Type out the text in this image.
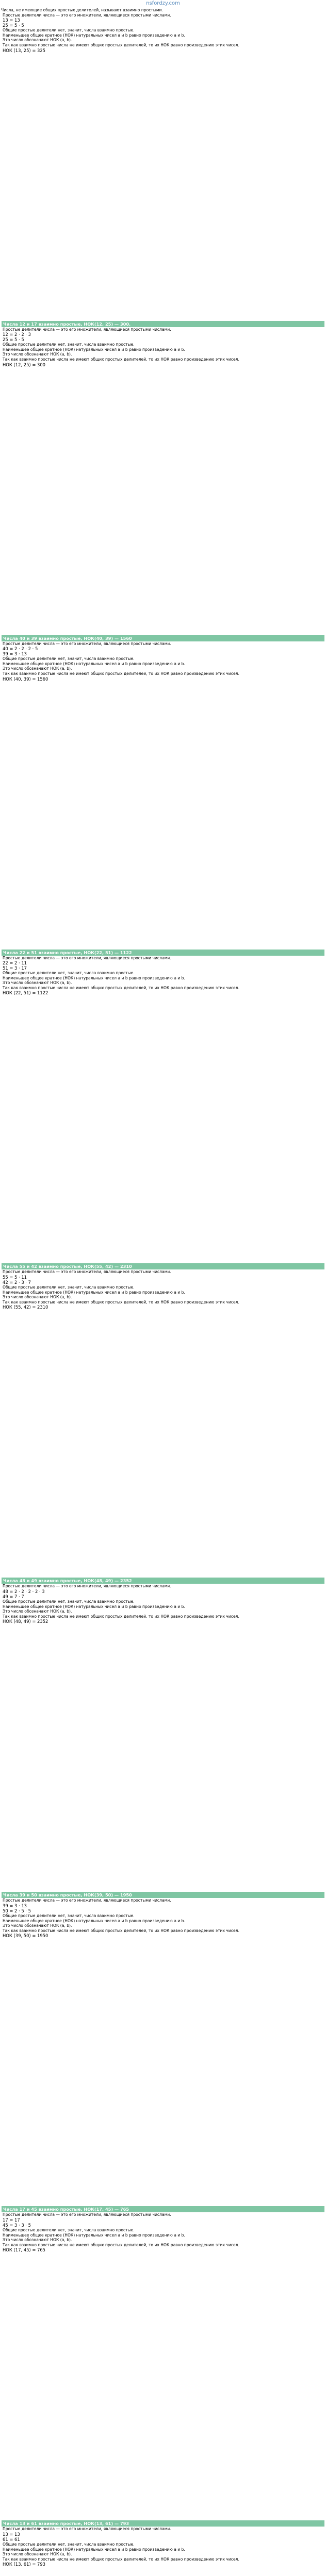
nsfordzy.com
Числа, не имеющие общих простых делителей, называют взаимно простыми.
Простые делители числа — это его множители, являющиеся простыми числами.
13 = 13
25 = 5 · 5
Общие простые делители нет, значит, числа взаимно простые.
Наименьшее общее кратное (НОК) натуральных чисел a и b равно произведению a и b.
Это число обозначают НОК (a, b).
Так как взаимно простые числа не имеют общих простых делителей, то их НОК равно произведению этих чисел.
НОК (13, 25) = 325
Числа 12 и 17 взаимно простые, НОК(12, 25) — 300.
Простые делители числа — это его множители, являющиеся простыми числами.
12 = 2 · 2 · 3
25 = 5 · 5
Общие простые делители нет, значит, числа взаимно простые.
Наименьшее общее кратное (НОК) натуральных чисел a и b равно произведению a и b.
Это число обозначают НОК (a, b).
Так как взаимно простые числа не имеют общих простых делителей, то их НОК равно произведению этих чисел.
НОК (12, 25) = 300
Числа 40 и 39 взаимно простые, НОК(40, 39) — 1560
Простые делители числа — это его множители, являющиеся простыми числами.
40 = 2 · 2 · 2 · 5
39 = 3 · 13
Общие простые делители нет, значит, числа взаимно простые.
Наименьшее общее кратное (НОК) натуральных чисел a и b равно произведению a и b.
Это число обозначают НОК (a, b).
Так как взаимно простые числа не имеют общих простых делителей, то их НОК равно произведению этих чисел.
НОК (40, 39) = 1560
Числа 22 и 51 взаимно простые, НОК(22, 51) — 1122
Простые делители числа — это его множители, являющиеся простыми числами.
22 = 2 · 11
51 = 3 · 17
Общие простые делители нет, значит, числа взаимно простые.
Наименьшее общее кратное (НОК) натуральных чисел a и b равно произведению a и b.
Это число обозначают НОК (a, b).
Так как взаимно простые числа не имеют общих простых делителей, то их НОК равно произведению этих чисел.
НОК (22, 51) = 1122
Числа 55 и 42 взаимно простые, НОК(55, 42) — 2310
Простые делители числа — это его множители, являющиеся простыми числами.
55 = 5 · 11
42 = 2 · 3 · 7
Общие простые делители нет, значит, числа взаимно простые.
Наименьшее общее кратное (НОК) натуральных чисел a и b равно произведению a и b.
Это число обозначают НОК (a, b).
Так как взаимно простые числа не имеют общих простых делителей, то их НОК равно произведению этих чисел.
НОК (55, 42) = 2310
Числа 48 и 49 взаимно простые, НОК(48, 49) — 2352
Простые делители числа — это его множители, являющиеся простыми числами.
48 = 2 · 2 · 2 · 2 · 3
49 = 7 · 7
Общие простые делители нет, значит, числа взаимно простые.
Наименьшее общее кратное (НОК) натуральных чисел a и b равно произведению a и b.
Это число обозначают НОК (a, b).
Так как взаимно простые числа не имеют общих простых делителей, то их НОК равно произведению этих чисел.
НОК (48, 49) = 2352
Числа 39 и 50 взаимно простые, НОК(39, 50) — 1950
Простые делители числа — это его множители, являющиеся простыми числами.
39 = 3 · 13
50 = 2 · 5 · 5
Общие простые делители нет, значит, числа взаимно простые.
Наименьшее общее кратное (НОК) натуральных чисел a и b равно произведению a и b.
Это число обозначают НОК (a, b).
Так как взаимно простые числа не имеют общих простых делителей, то их НОК равно произведению этих чисел.
НОК (39, 50) = 1950
Числа 17 и 45 взаимно простые, НОК(17, 45) — 765
Простые делители числа — это его множители, являющиеся простыми числами.
17 = 17
45 = 3 · 3 · 5
Общие простые делители нет, значит, числа взаимно простые.
Наименьшее общее кратное (НОК) натуральных чисел a и b равно произведению a и b.
Это число обозначают НОК (a, b).
Так как взаимно простые числа не имеют общих простых делителей, то их НОК равно произведению этих чисел.
НОК (17, 45) = 765
Числа 13 и 61 взаимно простые, НОК(13, 61) — 793
Простые делители числа — это его множители, являющиеся простыми числами.
13 = 13
61 = 61
Общие простые делители нет, значит, числа взаимно простые.
Наименьшее общее кратное (НОК) натуральных чисел a и b равно произведению a и b.
Это число обозначают НОК (a, b).
Так как взаимно простые числа не имеют общих простых делителей, то их НОК равно произведению этих чисел.
НОК (13, 61) = 793
